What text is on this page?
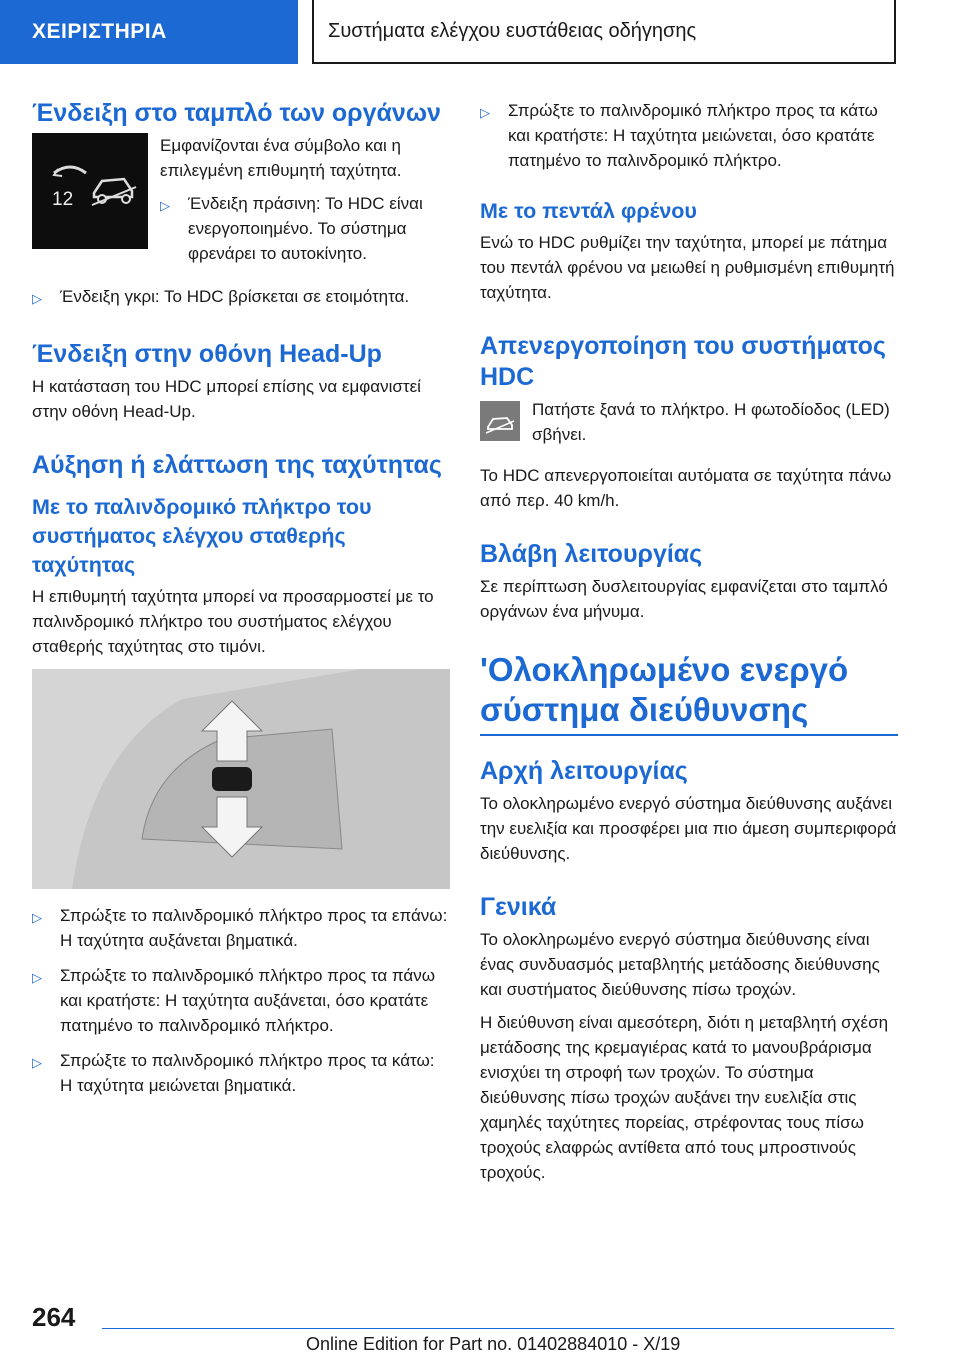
ΧΕΙΡΙΣΤΗΡΙΑ	Συστήματα ελέγχου ευστάθειας οδήγησης
Ένδειξη στο ταμπλό των οργάνων
12

Εμφανίζονται ένα σύμβολο και η επιλεγμένη επιθυμητή ταχύτητα.

▷	Ένδειξη πράσινη: Το HDC είναι ενεργοποιημένο. Το σύστημα φρενάρει το αυτοκίνητο.
▷	Ένδειξη γκρι: Το HDC βρίσκεται σε ετοιμότητα.
Ένδειξη στην οθόνη Head-Up

Η κατάσταση του HDC μπορεί επίσης να εμφανιστεί στην οθόνη Head-Up.

Αύξηση ή ελάττωση της ταχύτητας
Με το παλινδρομικό πλήκτρο του συστήματος ελέγχου σταθερής ταχύτητας

Η επιθυμητή ταχύτητα μπορεί να προσαρμοστεί με το παλινδρομικό πλήκτρο του συστήματος ελέγχου σταθερής ταχύτητας στο τιμόνι.

▷	Σπρώξτε το παλινδρομικό πλήκτρο προς τα επάνω: Η ταχύτητα αυξάνεται βηματικά.
▷	Σπρώξτε το παλινδρομικό πλήκτρο προς τα πάνω και κρατήστε: Η ταχύτητα αυξάνεται, όσο κρατάτε πατημένο το παλινδρομικό πλήκτρο.
▷	Σπρώξτε το παλινδρομικό πλήκτρο προς τα κάτω: Η ταχύτητα μειώνεται βηματικά.
▷	Σπρώξτε το παλινδρομικό πλήκτρο προς τα κάτω και κρατήστε: Η ταχύτητα μειώνεται, όσο κρατάτε πατημένο το παλινδρομικό πλήκτρο.
Με το πεντάλ φρένου

Ενώ το HDC ρυθμίζει την ταχύτητα, μπορεί με πάτημα του πεντάλ φρένου να μειωθεί η ρυθμισμένη επιθυμητή ταχύτητα.

Απενεργοποίηση του συστήματος HDC

Πατήστε ξανά το πλήκτρο. Η φωτοδίοδος (LED) σβήνει.

Το HDC απενεργοποιείται αυτόματα σε ταχύτητα πάνω από περ. 40 km/h.

Βλάβη λειτουργίας

Σε περίπτωση δυσλειτουργίας εμφανίζεται στο ταμπλό οργάνων ένα μήνυμα.

'Ολοκληρωμένο ενεργό σύστημα διεύθυνσης
Αρχή λειτουργίας

Το ολοκληρωμένο ενεργό σύστημα διεύθυνσης αυξάνει την ευελιξία και προσφέρει μια πιο άμεση συμπεριφορά διεύθυνσης.

Γενικά

Το ολοκληρωμένο ενεργό σύστημα διεύθυνσης είναι ένας συνδυασμός μεταβλητής μετάδοσης διεύθυνσης και συστήματος διεύθυνσης πίσω τροχών.

Η διεύθυνση είναι αμεσότερη, διότι η μεταβλητή σχέση μετάδοσης της κρεμαγιέρας κατά το μανουβράρισμα ενισχύει τη στροφή των τροχών. Το σύστημα διεύθυνσης πίσω τροχών αυξάνει την ευελιξία στις χαμηλές ταχύτητες πορείας, στρέφοντας τους πίσω τροχούς ελαφρώς αντίθετα από τους μπροστινούς τροχούς.

264
Online Edition for Part no. 01402884010 - X/19
